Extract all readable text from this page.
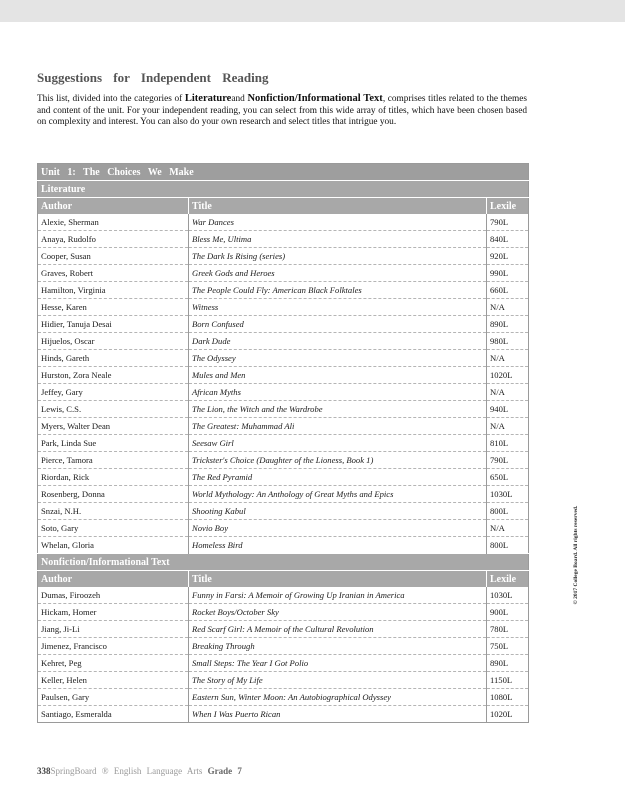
Suggestions for Independent Reading

This list, divided into the categories of Literatureand Nonfiction/Informational Text, comprises titles related to the themes and content of the unit. For your independent reading, you can select from this wide array of titles, which have been chosen based on complexity and interest. You can also do your own research and select titles that intrigue you.

Unit 1: The Choices We Make		
Literature		
Author	Title	Lexile
Alexie, Sherman	War Dances	790L
Anaya, Rudolfo	Bless Me, Ultima	840L
Cooper, Susan	The Dark Is Rising (series)	920L
Graves, Robert	Greek Gods and Heroes	990L
Hamilton, Virginia	The People Could Fly: American Black Folktales	660L
Hesse, Karen	Witness	N/A
Hidier, Tanuja Desai	Born Confused	890L
Hijuelos, Oscar	Dark Dude	980L
Hinds, Gareth	The Odyssey	N/A
Hurston, Zora Neale	Mules and Men	1020L
Jeffey, Gary	African Myths	N/A
Lewis, C.S.	The Lion, the Witch and the Wardrobe	940L
Myers, Walter Dean	The Greatest: Muhammad Ali	N/A
Park, Linda Sue	Seesaw Girl	810L
Pierce, Tamora	Trickster's Choice (Daughter of the Lioness, Book 1)	790L
Riordan, Rick	The Red Pyramid	650L
Rosenberg, Donna	World Mythology: An Anthology of Great Myths and Epics	1030L
Snzai, N.H.	Shooting Kabul	800L
Soto, Gary	Novio Boy	N/A
Whelan, Gloria	Homeless Bird	800L
Nonfiction/Informational Text		
Author	Title	Lexile
Dumas, Firoozeh	Funny in Farsi: A Memoir of Growing Up Iranian in America	1030L
Hickam, Homer	Rocket Boys/October Sky	900L
Jiang, Ji-Li	Red Scarf Girl: A Memoir of the Cultural Revolution	780L
Jimenez, Francisco	Breaking Through	750L
Kehret, Peg	Small Steps: The Year I Got Polio	890L
Keller, Helen	The Story of My Life	1150L
Paulsen, Gary	Eastern Sun, Winter Moon: An Autobiographical Odyssey	1080L
Santiago, Esmeralda	When I Was Puerto Rican	1020L
© 2017 College Board. All rights reserved.
338SpringBoard ® English Language Arts Grade 7
